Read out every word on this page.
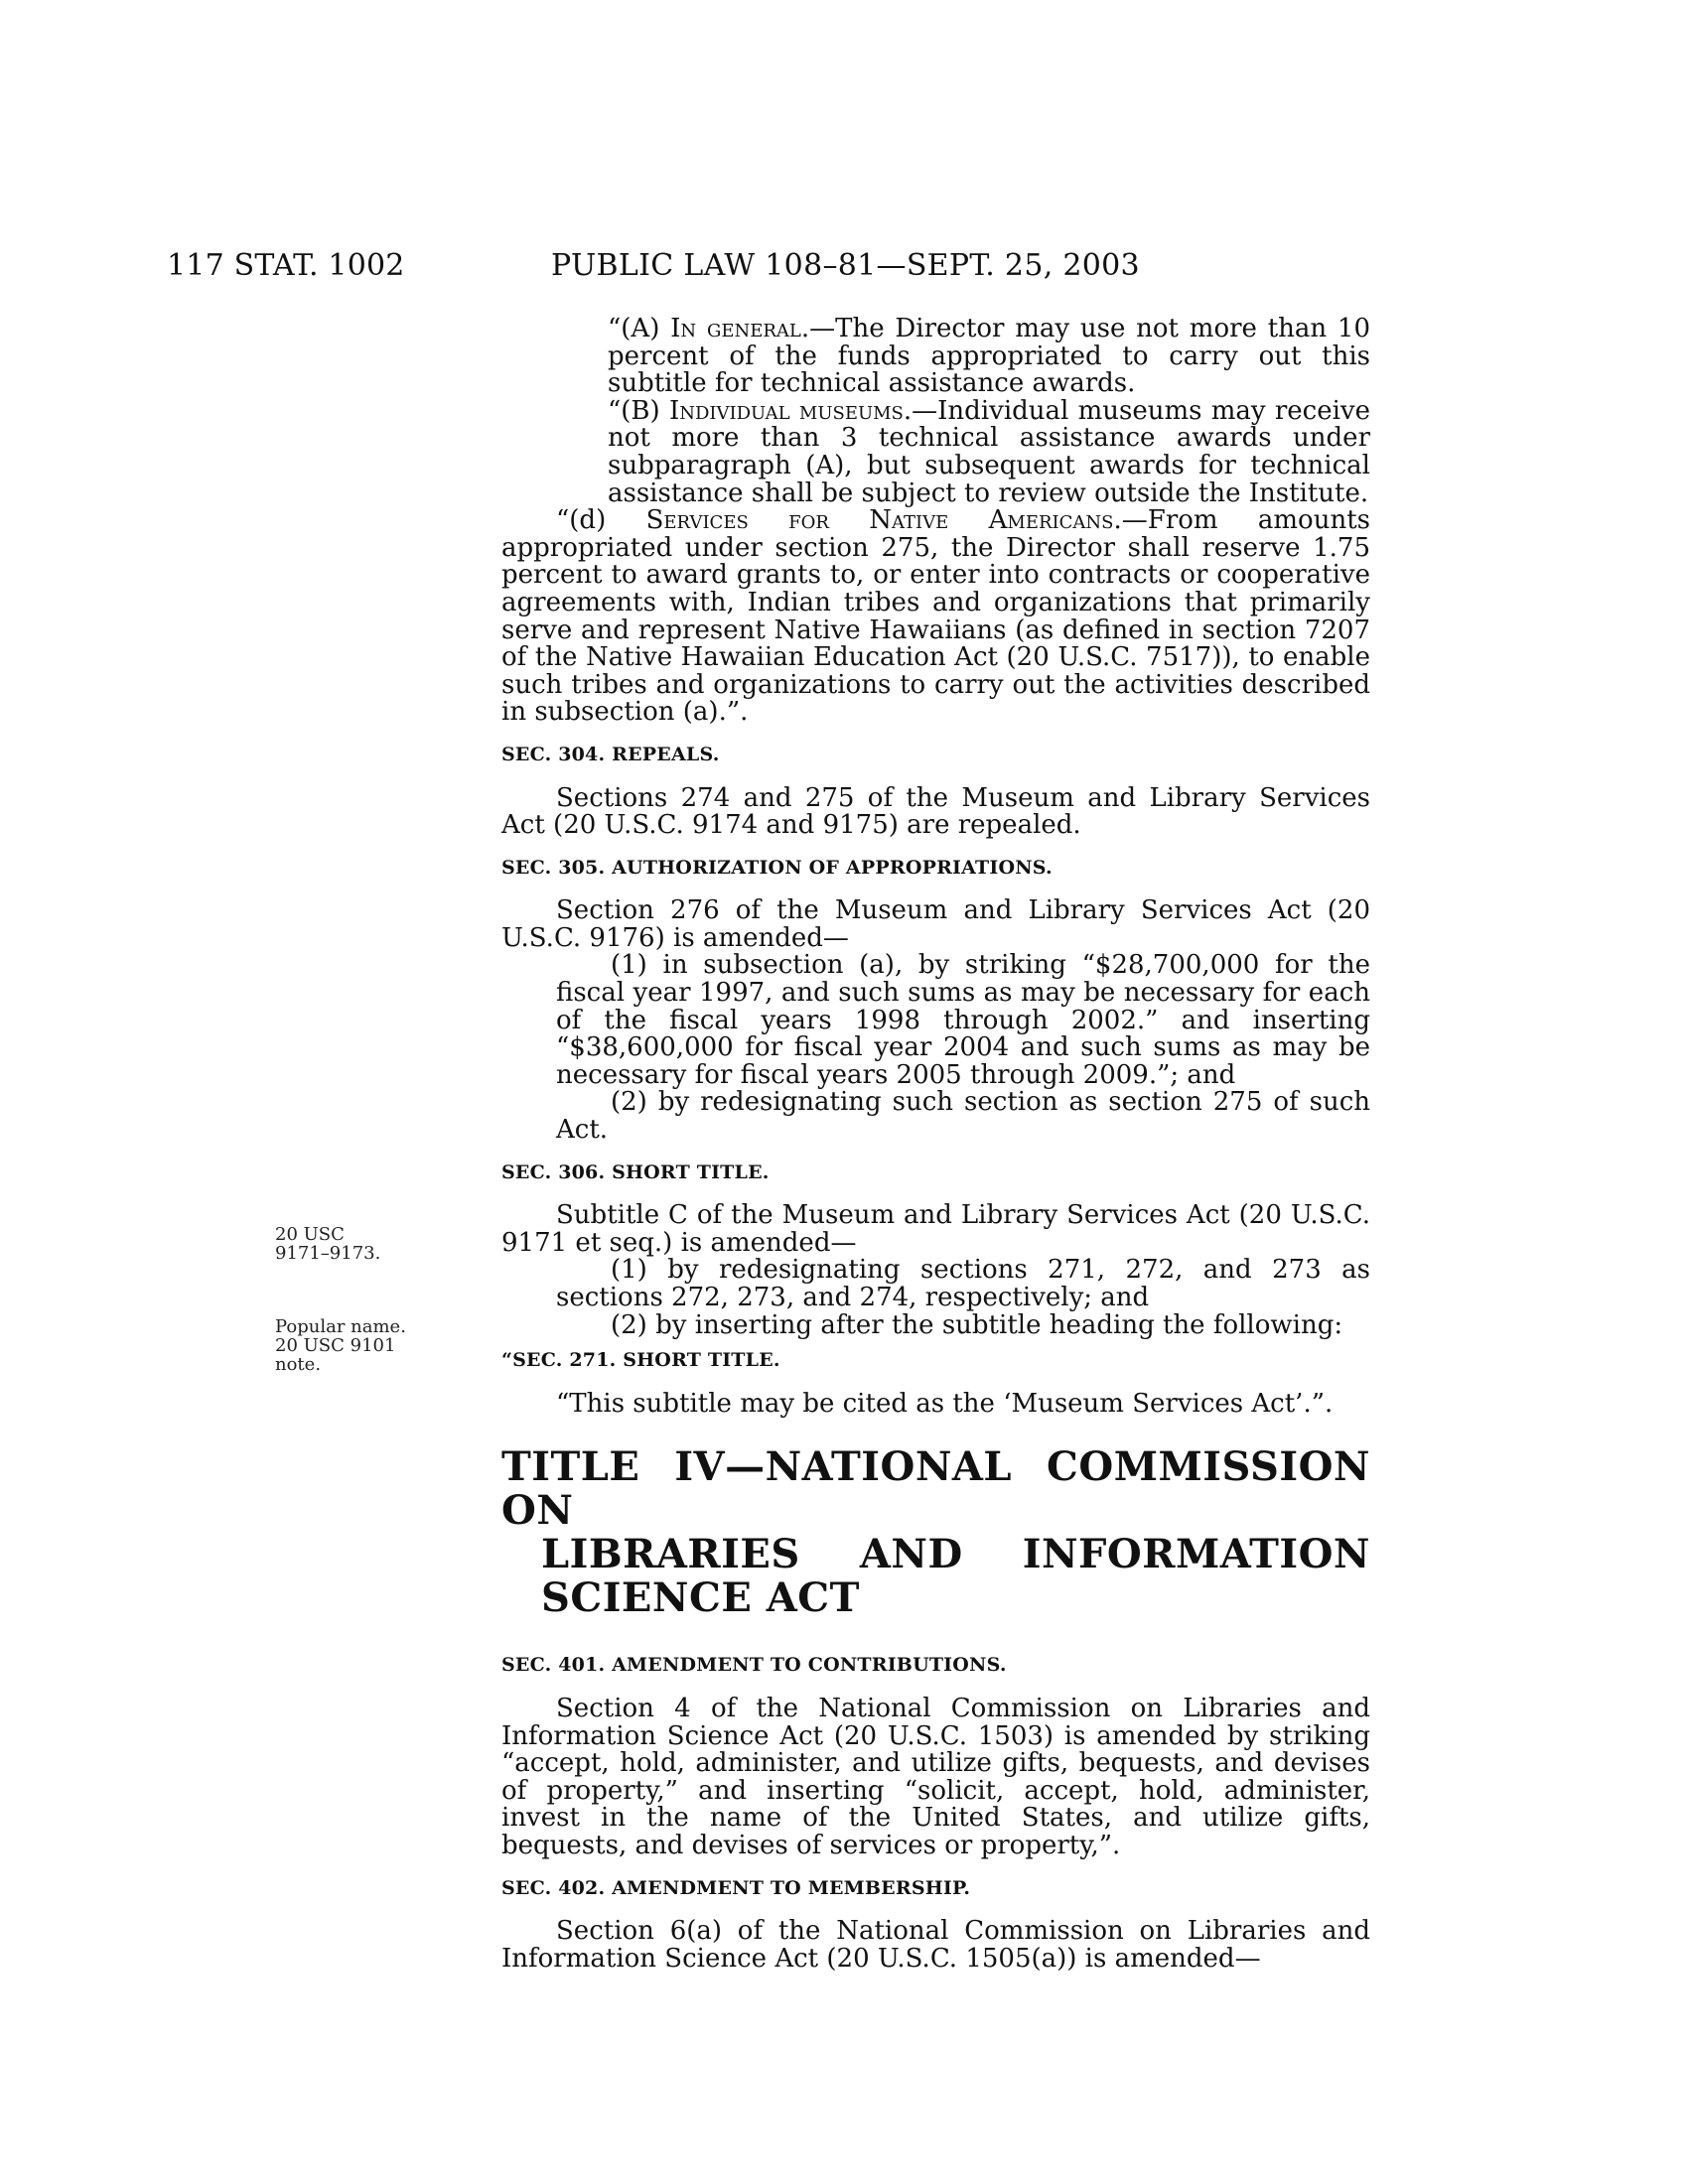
117 STAT. 1002	PUBLIC LAW 108–81—SEPT. 25, 2003
20 USC
9171–9173.
Popular name.
20 USC 9101
note.

“(A) In general.—The Director may use not more than 10 percent of the funds appropriated to carry out this subtitle for technical assistance awards.

“(B) Individual museums.—Individual museums may receive not more than 3 technical assistance awards under subparagraph (A), but subsequent awards for technical assistance shall be subject to review outside the Institute.

“(d) Services for Native Americans.—From amounts appropriated under section 275, the Director shall reserve 1.75 percent to award grants to, or enter into contracts or cooperative agreements with, Indian tribes and organizations that primarily serve and represent Native Hawaiians (as defined in section 7207 of the Native Hawaiian Education Act (20 U.S.C. 7517)), to enable such tribes and organizations to carry out the activities described in subsection (a).”.

SEC. 304. REPEALS.

Sections 274 and 275 of the Museum and Library Services Act (20 U.S.C. 9174 and 9175) are repealed.

SEC. 305. AUTHORIZATION OF APPROPRIATIONS.

Section 276 of the Museum and Library Services Act (20 U.S.C. 9176) is amended—

(1) in subsection (a), by striking “$28,700,000 for the fiscal year 1997, and such sums as may be necessary for each of the fiscal years 1998 through 2002.” and inserting “$38,600,000 for fiscal year 2004 and such sums as may be necessary for fiscal years 2005 through 2009.”; and

(2) by redesignating such section as section 275 of such Act.

SEC. 306. SHORT TITLE.

Subtitle C of the Museum and Library Services Act (20 U.S.C. 9171 et seq.) is amended—

(1) by redesignating sections 271, 272, and 273 as sections 272, 273, and 274, respectively; and

(2) by inserting after the subtitle heading the following:

“SEC. 271. SHORT TITLE.

“This subtitle may be cited as the ‘Museum Services Act’.”.

TITLE IV—NATIONAL COMMISSION ON
LIBRARIES AND INFORMATION
SCIENCE ACT
SEC. 401. AMENDMENT TO CONTRIBUTIONS.

Section 4 of the National Commission on Libraries and Information Science Act (20 U.S.C. 1503) is amended by striking “accept, hold, administer, and utilize gifts, bequests, and devises of property,” and inserting “solicit, accept, hold, administer, invest in the name of the United States, and utilize gifts, bequests, and devises of services or property,”.

SEC. 402. AMENDMENT TO MEMBERSHIP.

Section 6(a) of the National Commission on Libraries and Information Science Act (20 U.S.C. 1505(a)) is amended—
